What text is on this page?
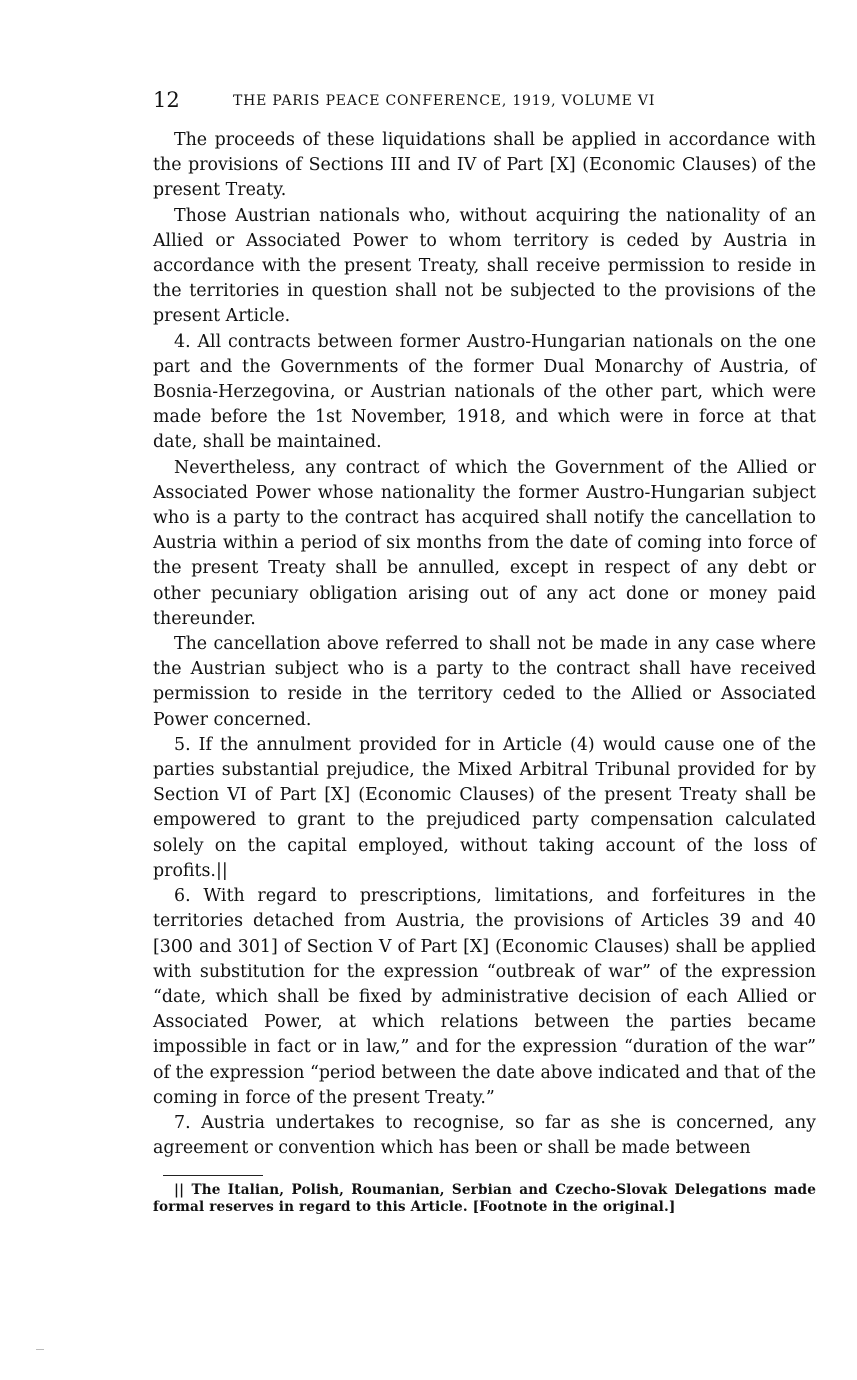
12	THE PARIS PEACE CONFERENCE, 1919, VOLUME VI

The proceeds of these liquidations shall be applied in accordance with the provisions of Sections III and IV of Part [X] (Economic Clauses) of the present Treaty.

Those Austrian nationals who, without acquiring the nationality of an Allied or Associated Power to whom territory is ceded by Austria in accordance with the present Treaty, shall receive permission to reside in the territories in question shall not be subjected to the provisions of the present Article.

4. All contracts between former Austro-Hungarian nationals on the one part and the Governments of the former Dual Monarchy of Austria, of Bosnia-Herzegovina, or Austrian nationals of the other part, which were made before the 1st November, 1918, and which were in force at that date, shall be maintained.

Nevertheless, any contract of which the Government of the Allied or Associated Power whose nationality the former Austro-Hungarian subject who is a party to the contract has acquired shall notify the cancellation to Austria within a period of six months from the date of coming into force of the present Treaty shall be annulled, except in respect of any debt or other pecuniary obligation arising out of any act done or money paid thereunder.

The cancellation above referred to shall not be made in any case where the Austrian subject who is a party to the contract shall have received permission to reside in the territory ceded to the Allied or Associated Power concerned.

5. If the annulment provided for in Article (4) would cause one of the parties substantial prejudice, the Mixed Arbitral Tribunal provided for by Section VI of Part [X] (Economic Clauses) of the present Treaty shall be empowered to grant to the prejudiced party compensation calculated solely on the capital employed, without taking account of the loss of profits.||

6. With regard to prescriptions, limitations, and forfeitures in the territories detached from Austria, the provisions of Articles 39 and 40 [300 and 301] of Section V of Part [X] (Economic Clauses) shall be applied with substitution for the expression “outbreak of war” of the expression “date, which shall be fixed by administrative decision of each Allied or Associated Power, at which relations between the parties became impossible in fact or in law,” and for the expression “duration of the war” of the expression “period between the date above indicated and that of the coming in force of the present Treaty.”

7. Austria undertakes to recognise, so far as she is concerned, any agreement or convention which has been or shall be made between

|| The Italian, Polish, Roumanian, Serbian and Czecho-Slovak Delegations made formal reserves in regard to this Article. [Footnote in the original.]
